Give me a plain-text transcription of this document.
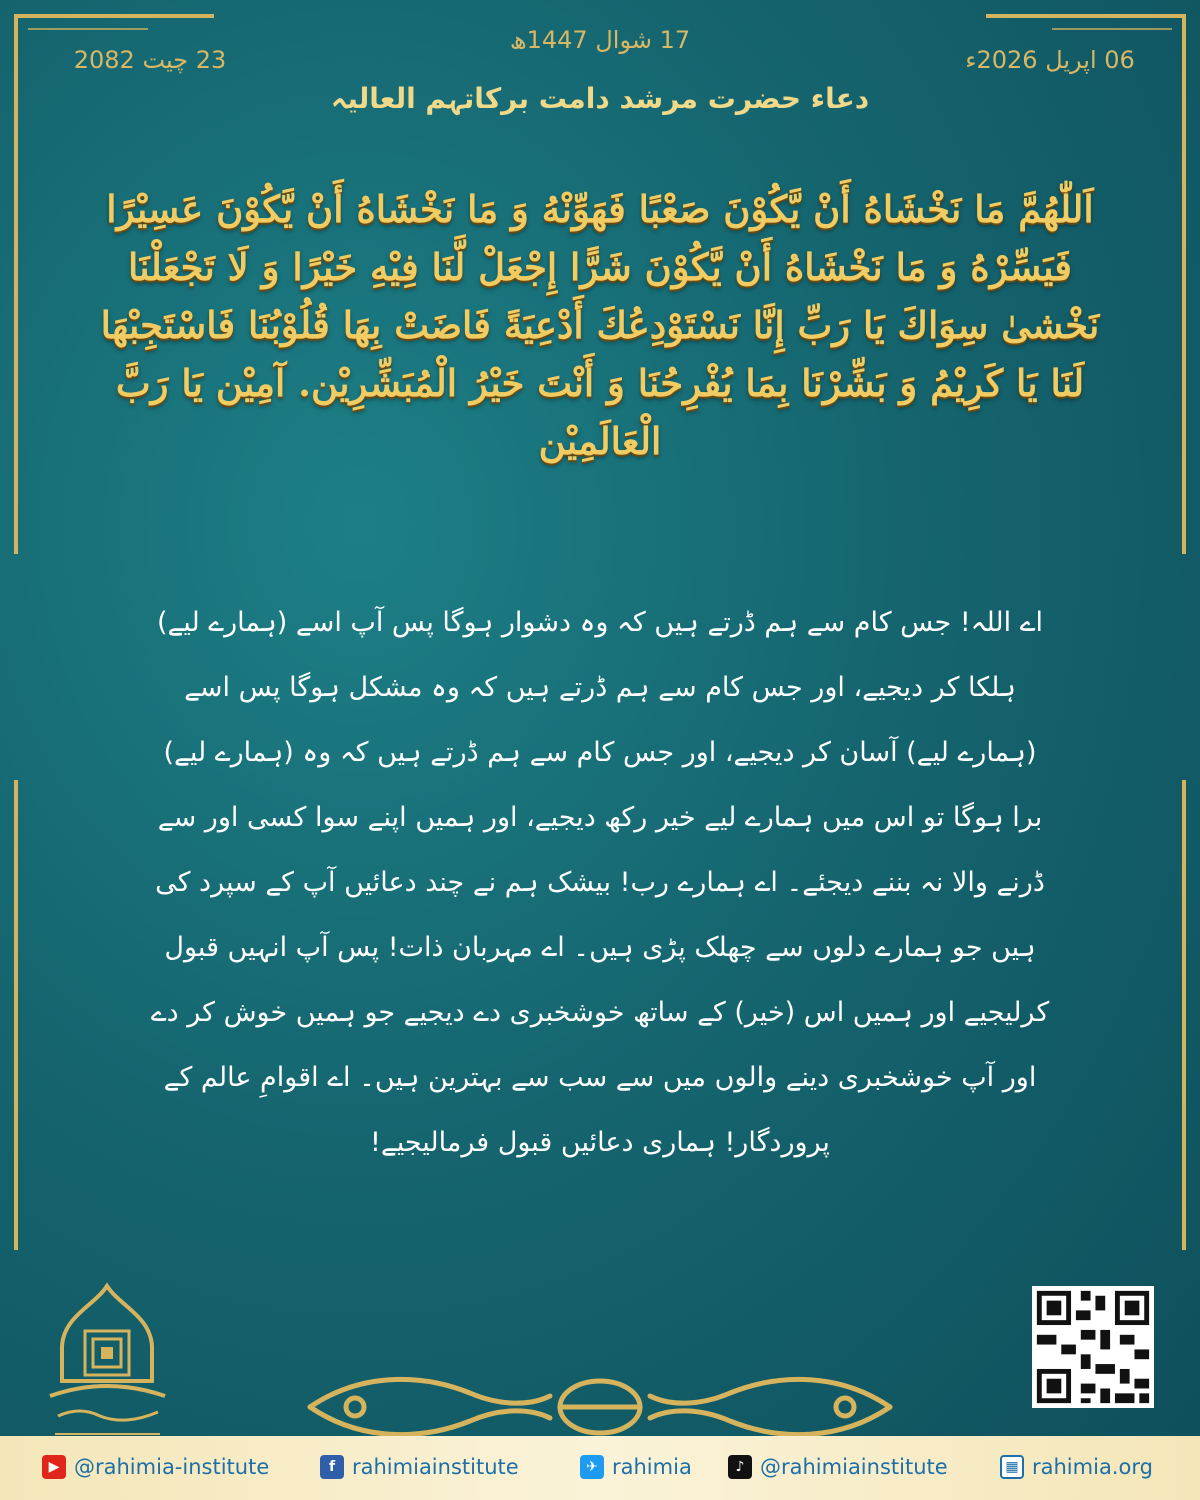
17 شوال 1447ھ
23 چیت 2082	06 اپریل 2026ء
دعاء حضرت مرشد دامت برکاتہم العالیہ
اَللّٰهُمَّ مَا نَخْشَاهُ أَنْ يَّكُوْنَ صَعْبًا فَهَوِّنْهُ وَ مَا نَخْشَاهُ أَنْ يَّكُوْنَ عَسِيْرًا فَيَسِّرْهُ وَ مَا نَخْشَاهُ أَنْ يَّكُوْنَ شَرًّا إِجْعَلْ لَّنَا فِيْهِ خَيْرًا وَ لَا تَجْعَلْنَا نَخْشىٰ سِوَاكَ يَا رَبِّ إِنَّا نَسْتَوْدِعُكَ أَدْعِيَةً فَاضَتْ بِهَا قُلُوْبُنَا فَاسْتَجِبْهَا لَنَا يَا كَرِيْمُ وَ بَشِّرْنَا بِمَا يُفْرِحُنَا وَ أَنْتَ خَيْرُ الْمُبَشِّرِيْن. آمِيْن يَا رَبَّ الْعَالَمِيْن
اے اللہ! جس کام سے ہم ڈرتے ہیں کہ وہ دشوار ہوگا پس آپ اسے (ہمارے لیے) ہلکا کر دیجیے، اور جس کام سے ہم ڈرتے ہیں کہ وہ مشکل ہوگا پس اسے (ہمارے لیے) آسان کر دیجیے، اور جس کام سے ہم ڈرتے ہیں کہ وہ (ہمارے لیے) برا ہوگا تو اس میں ہمارے لیے خیر رکھ دیجیے، اور ہمیں اپنے سوا کسی اور سے ڈرنے والا نہ بننے دیجئے۔ اے ہمارے رب! بیشک ہم نے چند دعائیں آپ کے سپرد کی ہیں جو ہمارے دلوں سے چھلک پڑی ہیں۔ اے مہربان ذات! پس آپ انہیں قبول کرلیجیے اور ہمیں اس (خیر) کے ساتھ خوشخبری دے دیجیے جو ہمیں خوش کر دے اور آپ خوشخبری دینے والوں میں سے سب سے بہترین ہیں۔ اے اقوامِ عالم کے پروردگار! ہماری دعائیں قبول فرمالیجیے!
▶ @rahimia-institute	f rahimiainstitute	✈ rahimia	♪ @rahimiainstitute	▦ rahimia.org
